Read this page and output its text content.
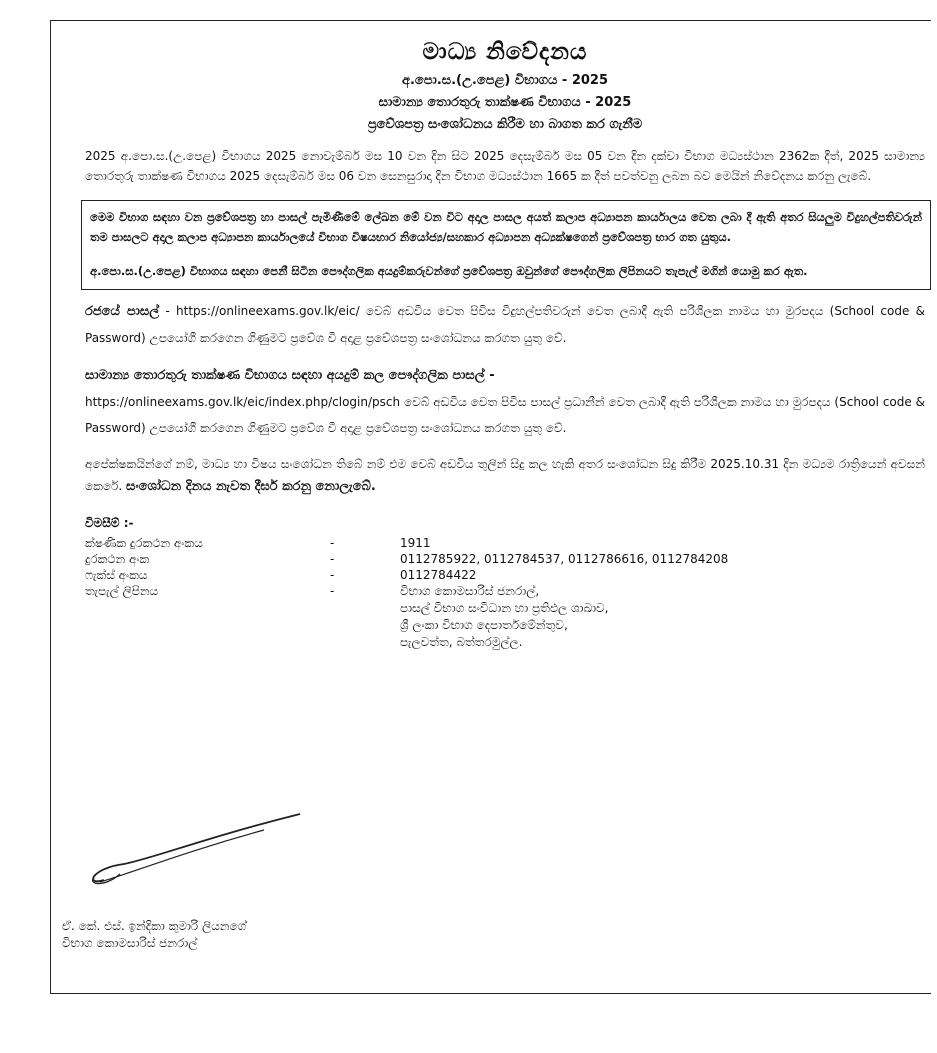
මාධ්‍ය නිවේදනය
අ.පො.ස.(උ.පෙළ) විභාගය - 2025
සාමාන්‍ය තොරතුරු තාක්ෂණ විභාගය - 2025
ප්‍රවේශපත්‍ර සංශෝධනය කිරීම හා බාගත කර ගැනීම
2025 අ.පො.ස.(උ.පෙළ) විභාගය 2025 නොවැම්බර් මස 10 වන දින සිට 2025 දෙසැම්බර් මස 05 වන දින දක්වා විභාග මධ්‍යස්ථාන 2362ක දීත්, 2025 සාමාන්‍ය තොරතුරු තාක්ෂණ විභාගය 2025 දෙසැම්බර් මස 06 වන සෙනසුරාදා දින විභාග මධ්‍යස්ථාන 1665 ක දීත් පවත්වනු ලබන බව මෙයින් නිවේදනය කරනු ලැබේ.

මෙම විභාග සඳහා වන ප්‍රවේශපත්‍ර හා පාසල් පැමිණීමේ ලේඛන මේ වන විට අදාල පාසල අයත් කලාප අධ්‍යාපන කාර්යාලය වෙත ලබා දී ඇති අතර සියලුම විදුහල්පතිවරුන් තම පාසලට අදාල කලාප අධ්‍යාපන කාර්යාලයේ විභාග විෂයභාර නියෝජ්‍ය/සහකාර අධ්‍යාපන අධ්‍යක්ෂගෙන් ප්‍රවේශපත්‍ර භාර ගත යුතුය.

අ.පො.ස.(උ.පෙළ) විභාගය සඳහා පෙනී සිටින පෞද්ගලික අයදුම්කරුවන්ගේ ප්‍රවේශපත්‍ර ඔවුන්ගේ පෞද්ගලික ලිපිනයට තැපැල් මගින් යොමු කර ඇත.

රජයේ පාසල් - https://onlineexams.gov.lk/eic/ වෙබ් අඩවිය වෙත පිවිස විදුහල්පතිවරුන් වෙත ලබාදී ඇති පරිශීලක නාමය හා මුරපදය (School code & Password) උපයෝගී කරගෙන ගිණුමට ප්‍රවේශ වී අදාළ ප්‍රවේශපත්‍ර සංශෝධනය කරගත යුතු වේ.
සාමාන්‍ය තොරතුරු තාක්ෂණ විභාගය සඳහා අයදුම් කල පෞද්ගලික පාසල් -
https://onlineexams.gov.lk/eic/index.php/clogin/psch වෙබ් අඩවිය වෙත පිවිස පාසල් ප්‍රධානීන් වෙත ලබාදී ඇති පරිශීලක නාමය හා මුරපදය (School code & Password) උපයෝගී කරගෙන ගිණුමට ප්‍රවේශ වී අදාළ ප්‍රවේශපත්‍ර සංශෝධනය කරගත යුතු වේ.
අපේක්ෂකයින්ගේ නම්, මාධ්‍ය හා විෂය සංශෝධන තිබේ නම් එම වෙබ් අඩවිය තුලින් සිදු කල හැකි අතර සංශෝධන සිදු කිරීම 2025.10.31 දින මධ්‍යම රාත්‍රියෙන් අවසන් කෙරේ. සංශෝධන දිනය නැවත දීර්ඝ කරනු නොලැබේ.
විමසීම් :-
ක්ෂණික දුරකථන අංකය	-	1911
දුරකථන අංක	-	0112785922, 0112784537, 0112786616, 0112784208
ෆැක්ස් අංකය	-	0112784422
තැපැල් ලිපිනය	-	විභාග කොමසාරිස් ජනරාල්,
පාසල් විභාග සංවිධාන හා ප්‍රතිඵල ශාඛාව,
ශ්‍රී ලංකා විභාග දෙපාර්තමේන්තුව,
පැලවත්ත, බත්තරමුල්ල.
ඒ. කේ. එස්. ඉන්දිකා කුමාරි ලියනගේ
විභාග කොමසාරිස් ජනරාල්
